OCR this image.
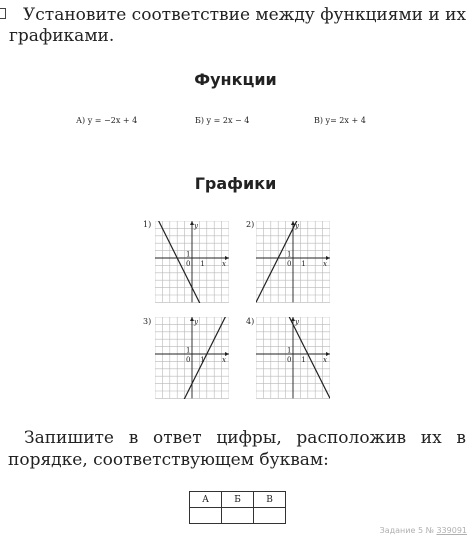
Установите соответствие между функциями и их графиками.

Функции
А) y = −2x + 4	Б) y = 2x − 4	В) y= 2x + 4
Графики
1)
x
y
1
1
0
2)
x
y
1
1
0
3)
x
y
1
1
0
4)
x
y
1
1
0

Запишите в ответ цифры, расположив их в порядке, соответствующем буквам:

А	Б	В

Задание 5 № 339091
